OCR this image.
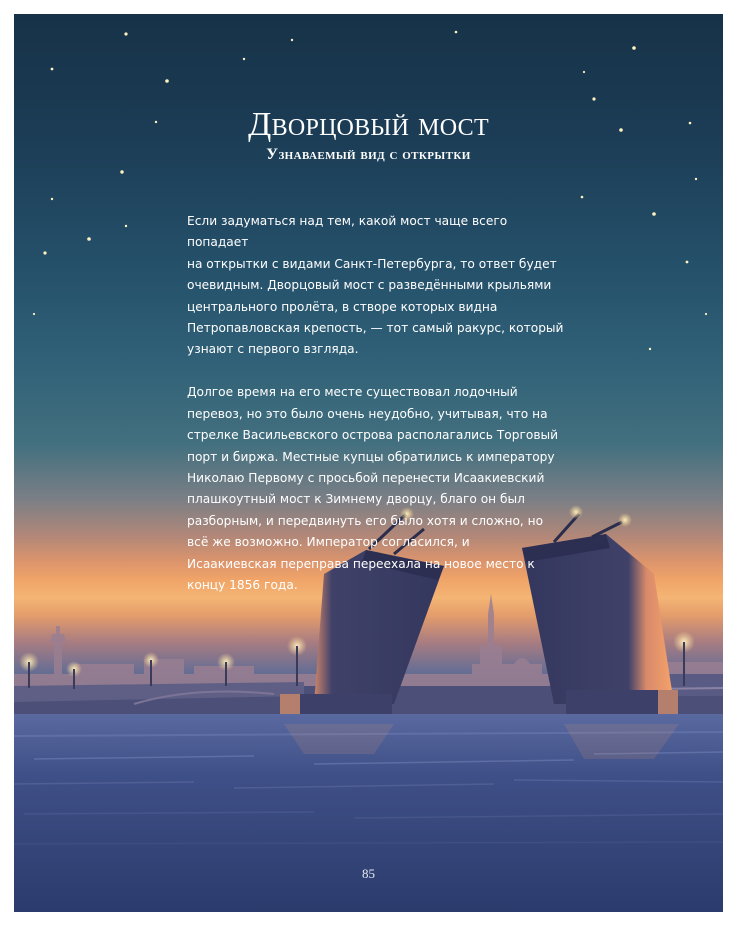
Дворцовый мост
Узнаваемый вид с открытки

Если задуматься над тем, какой мост чаще всего попадает
на открытки с видами Санкт-Петербурга, то ответ будет
очевидным. Дворцовый мост с разведёнными крыльями
центрального пролёта, в створе которых видна
Петропавловская крепость, — тот самый ракурс, который
узнают с первого взгляда.

Долгое время на его месте существовал лодочный
перевоз, но это было очень неудобно, учитывая, что на
стрелке Васильевского острова располагались Торговый
порт и биржа. Местные купцы обратились к императору
Николаю Первому с просьбой перенести Исаакиевский
плашкоутный мост к Зимнему дворцу, благо он был
разборным, и передвинуть его было хотя и сложно, но
всё же возможно. Император согласился, и
Исаакиевская переправа переехала на новое место к
концу 1856 года.

85
